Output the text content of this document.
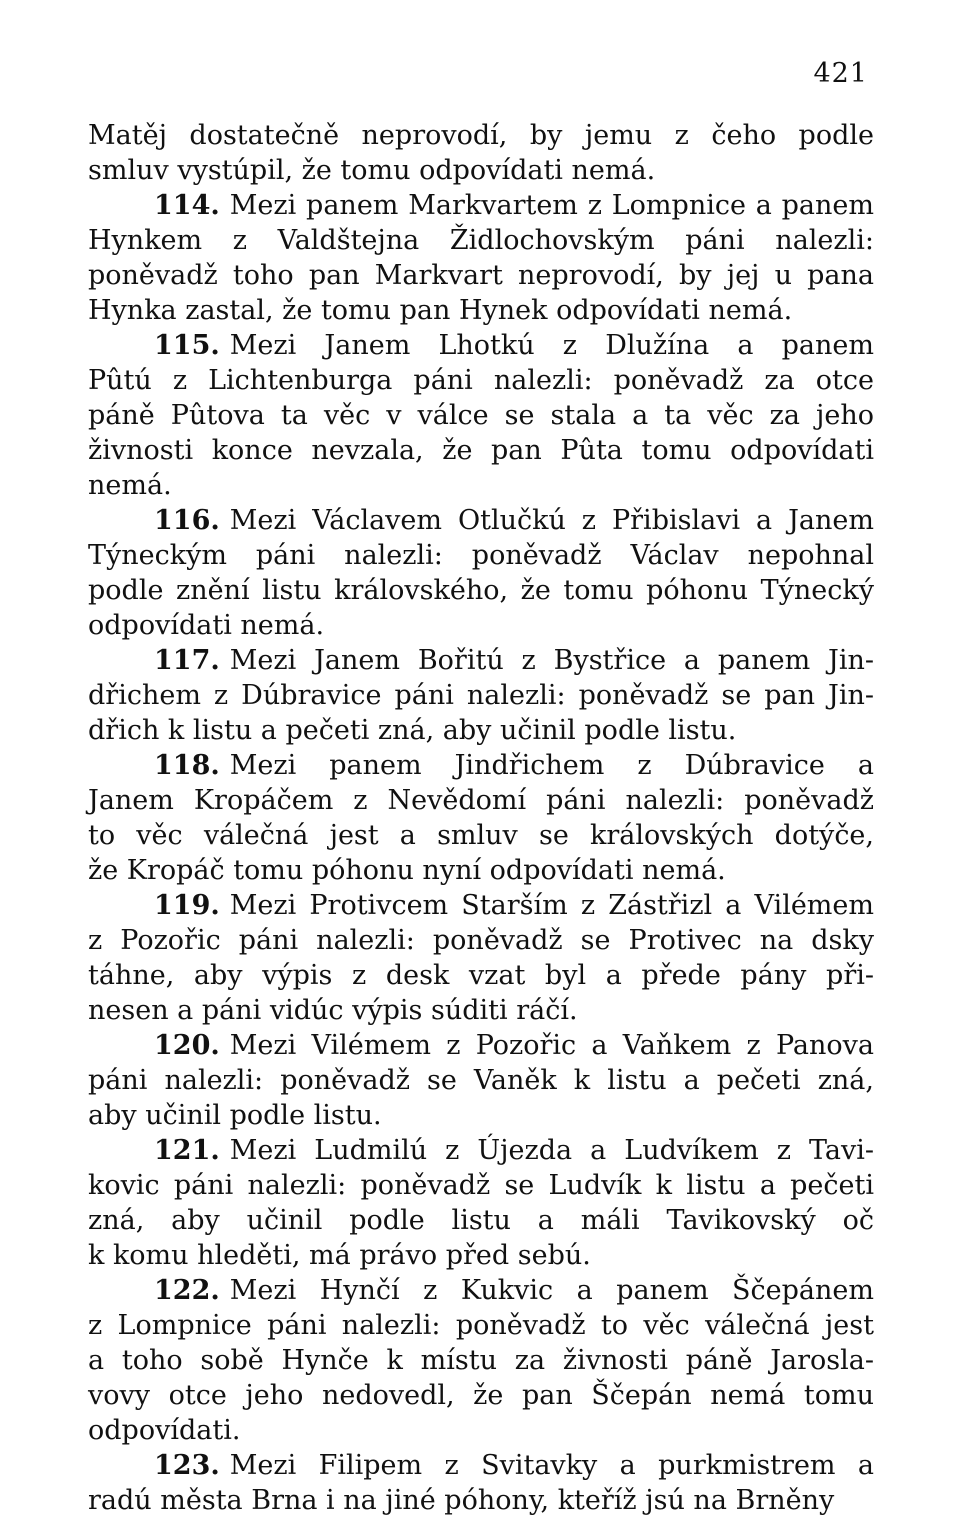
421
Matěj dostatečně neprovodí, by jemu z čeho podle
smluv vystúpil, že tomu odpovídati nemá.
114. Mezi panem Markvartem z Lompnice a panem
Hynkem z Valdštejna Židlochovským páni nalezli:
poněvadž toho pan Markvart neprovodí, by jej u pana
Hynka zastal, že tomu pan Hynek odpovídati nemá.
115. Mezi Janem Lhotkú z Dlužína a panem
Pûtú z Lichtenburga páni nalezli: poněvadž za otce
páně Pûtova ta věc v válce se stala a ta věc za jeho
živnosti konce nevzala, že pan Pûta tomu odpovídati
nemá.
116. Mezi Václavem Otlučkú z Přibislavi a Janem
Týneckým páni nalezli: poněvadž Václav nepohnal
podle znění listu královského, že tomu póhonu Týnecký
odpovídati nemá.
117. Mezi Janem Bořitú z Bystřice a panem Jin-
dřichem z Dúbravice páni nalezli: poněvadž se pan Jin-
dřich k listu a pečeti zná, aby učinil podle listu.
118. Mezi panem Jindřichem z Dúbravice a
Janem Kropáčem z Nevědomí páni nalezli: poněvadž
to věc válečná jest a smluv se královských dotýče,
že Kropáč tomu póhonu nyní odpovídati nemá.
119. Mezi Protivcem Starším z Zástřizl a Vilémem
z Pozořic páni nalezli: poněvadž se Protivec na dsky
táhne, aby výpis z desk vzat byl a přede pány při-
nesen a páni vidúc výpis súditi ráčí.
120. Mezi Vilémem z Pozořic a Vaňkem z Panova
páni nalezli: poněvadž se Vaněk k listu a pečeti zná,
aby učinil podle listu.
121. Mezi Ludmilú z Újezda a Ludvíkem z Tavi-
kovic páni nalezli: poněvadž se Ludvík k listu a pečeti
zná, aby učinil podle listu a máli Tavikovský oč
k komu hleděti, má právo před sebú.
122. Mezi Hynčí z Kukvic a panem Ščepánem
z Lompnice páni nalezli: poněvadž to věc válečná jest
a toho sobě Hynče k místu za živnosti páně Jarosla-
vovy otce jeho nedovedl, že pan Ščepán nemá tomu
odpovídati.
123. Mezi Filipem z Svitavky a purkmistrem a
radú města Brna i na jiné póhony, kteříž jsú na Brněny
